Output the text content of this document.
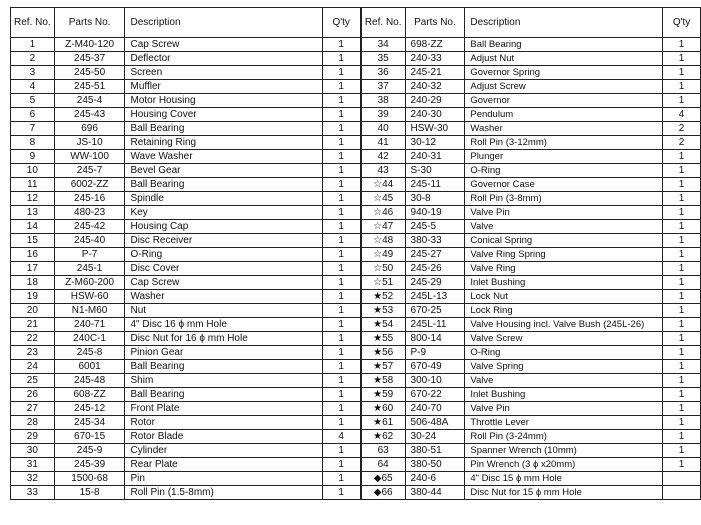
Ref. No.	Parts No.	Description	Q'ty	Ref. No.	Parts No.	Description	Q'ty
1	Z-M40-120	Cap Screw	1	34	698-ZZ	Ball Bearing	1
2	245-37	Deflector	1	35	240-33	Adjust Nut	1
3	245-50	Screen	1	36	245-21	Governor Spring	1
4	245-51	Muffler	1	37	240-32	Adjust Screw	1
5	245-4	Motor Housing	1	38	240-29	Governor	1
6	245-43	Housing Cover	1	39	240-30	Pendulum	4
7	696	Ball Bearing	1	40	HSW-30	Washer	2
8	JS-10	Retaining Ring	1	41	30-12	Roll Pin (3-12mm)	2
9	WW-100	Wave Washer	1	42	240-31	Plunger	1
10	245-7	Bevel Gear	1	43	S-30	O-Ring	1
11	6002-ZZ	Ball Bearing	1	☆44	245-11	Governor Case	1
12	245-16	Spindle	1	☆45	30-8	Roll Pin (3-8mm)	1
13	480-23	Key	1	☆46	940-19	Valve Pin	1
14	245-42	Housing Cap	1	☆47	245-5	Valve	1
15	245-40	Disc Receiver	1	☆48	380-33	Conical Spring	1
16	P-7	O-Ring	1	☆49	245-27	Valve Ring Spring	1
17	245-1	Disc Cover	1	☆50	245-26	Valve Ring	1
18	Z-M60-200	Cap Screw	1	☆51	245-29	Inlet Bushing	1
19	HSW-60	Washer	1	★52	245L-13	Lock Nut	1
20	N1-M60	Nut	1	★53	670-25	Lock Ring	1
21	240-71	4" Disc 16 ϕ mm Hole	1	★54	245L-11	Valve Housing incl. Valve Bush (245L-26)	1
22	240C-1	Disc Nut for 16 ϕ mm Hole	1	★55	800-14	Valve Screw	1
23	245-8	Pinion Gear	1	★56	P-9	O-Ring	1
24	6001	Ball Bearing	1	★57	670-49	Valve Spring	1
25	245-48	Shim	1	★58	300-10	Valve	1
26	608-ZZ	Ball Bearing	1	★59	670-22	Inlet Bushing	1
27	245-12	Front Plate	1	★60	240-70	Valve Pin	1
28	245-34	Rotor	1	★61	506-48A	Throttle Lever	1
29	670-15	Rotor Blade	4	★62	30-24	Roll Pin (3-24mm)	1
30	245-9	Cylinder	1	63	380-51	Spanner Wrench (10mm)	1
31	245-39	Rear Plate	1	64	380-50	Pin Wrench (3 ϕ x20mm)	1
32	1500-68	Pin	1	◆65	240-6	4" Disc 15 ϕ mm Hole	
33	15-8	Roll Pin (1.5-8mm)	1	◆66	380-44	Disc Nut for 15 ϕ mm Hole	
